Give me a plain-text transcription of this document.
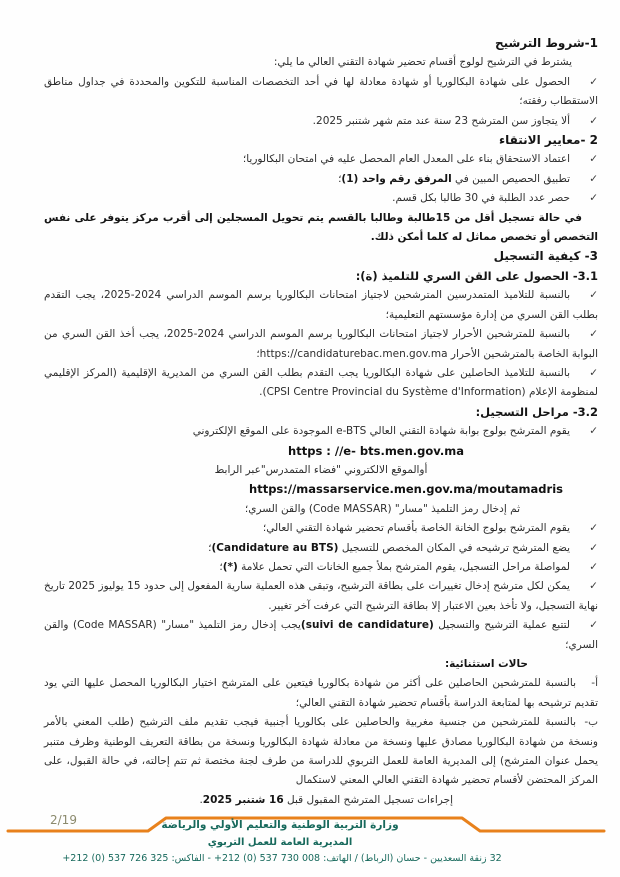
1-شروط الترشيح
يشترط في الترشيح لولوج أقسام تحضير شهادة التقني العالي ما يلي:
✓الحصول على شهادة البكالوريا أو شهادة معادلة لها في أحد التخصصات المناسبة للتكوين والمحددة في جداول مناطق الاستقطاب رفقته؛
✓ألا يتجاوز سن المترشح 23 سنة عند متم شهر شتنبر 2025.
2 -معايير الانتقاء
✓اعتماد الاستحقاق بناء على المعدل العام المحصل عليه في امتحان البكالوريا؛
✓تطبيق الحصيص المبين في المرفق رقم واحد (1)؛
✓حصر عدد الطلبة في 30 طالبا بكل قسم.
في حالة تسجيل أقل من 15طالبة وطالبا بالقسم يتم تحويل المسجلين إلى أقرب مركز يتوفر على نفس التخصص أو تخصص مماثل له كلما أمكن ذلك.
3- كيفية التسجيل
3.1- الحصول على القن السري للتلميذ (ة):
✓بالنسبة للتلاميذ المتمدرسين المترشحين لاجتياز امتحانات البكالوريا برسم الموسم الدراسي 2024-2025، يجب التقدم بطلب القن السري من إدارة مؤسستهم التعليمية؛
✓بالنسبة للمترشحين الأحرار لاجتياز امتحانات البكالوريا برسم الموسم الدراسي 2024-2025، يجب أخذ القن السري من البوابة الخاصة بالمترشحين الأحرار https://candidaturebac.men.gov.ma؛
✓بالنسبة للتلاميذ الحاصلين على شهادة البكالوريا يجب التقدم بطلب القن السري من المديرية الإقليمية (المركز الإقليمي لمنظومة الإعلام (CPSI Centre Provincial du Système d'Information).
3.2- مراحل التسجيل:
✓يقوم المترشح بولوج بوابة شهادة التقني العالي e-BTS الموجودة على الموقع الإلكتروني
https : //e- bts.men.gov.ma
أوالموقع الالكتروني "فضاء المتمدرس"عبر الرابط
https://massarservice.men.gov.ma/moutamadris
ثم إدخال رمز التلميذ "مسار" (Code MASSAR) والقن السري؛
✓يقوم المترشح بولوج الخانة الخاصة بأقسام تحضير شهادة التقني العالي؛
✓يضع المترشح ترشيحه في المكان المخصص للتسجيل (Candidature au BTS)؛
✓لمواصلة مراحل التسجيل، يقوم المترشح بملأ جميع الخانات التي تحمل علامة (*)؛
✓يمكن لكل مترشح إدخال تغييرات على بطاقة الترشيح، وتبقى هذه العملية سارية المفعول إلى حدود 15 يوليوز 2025 تاريخ نهاية التسجيل، ولا تأخذ بعين الاعتبار إلا بطاقة الترشيح التي عرفت آخر تغيير.
✓لتتبع عملية الترشيح والتسجيل (suivi de candidature)يجب إدخال رمز التلميذ "مسار" (Code MASSAR) والقن السري؛
حالات استثنائية:
أ-بالنسبة للمترشحين الحاصلين على أكثر من شهادة بكالوريا فيتعين على المترشح اختيار البكالوريا المحصل عليها التي يود تقديم ترشيحه بها لمتابعة الدراسة بأقسام تحضير شهادة التقني العالي؛
ب-بالنسبة للمترشحين من جنسية مغربية والحاصلين على بكالوريا أجنبية فيجب تقديم ملف الترشيح (طلب المعني بالأمر ونسخة من شهادة البكالوريا مصادق عليها ونسخة من معادلة شهادة البكالوريا ونسخة من بطاقة التعريف الوطنية وظرف متنبر يحمل عنوان المترشح) إلى المديرية العامة للعمل التربوي للدراسة من طرف لجنة مختصة ثم تتم إحالته، في حالة القبول، على المركز المحتضن لأقسام تحضير شهادة التقني العالي المعني لاستكمال
إجراءات تسجيل المترشح المقبول قبل 16 شتنبر 2025.
2/19	وزارة التربية الوطنية والتعليم الأولي والرياضة
المديرية العامة للعمل التربوي
32 زنقة السعديين - حسان (الرباط) / الهاتف: 008 730 537 (0) 212+ - الفاكس: 325 726 537 (0) 212+
